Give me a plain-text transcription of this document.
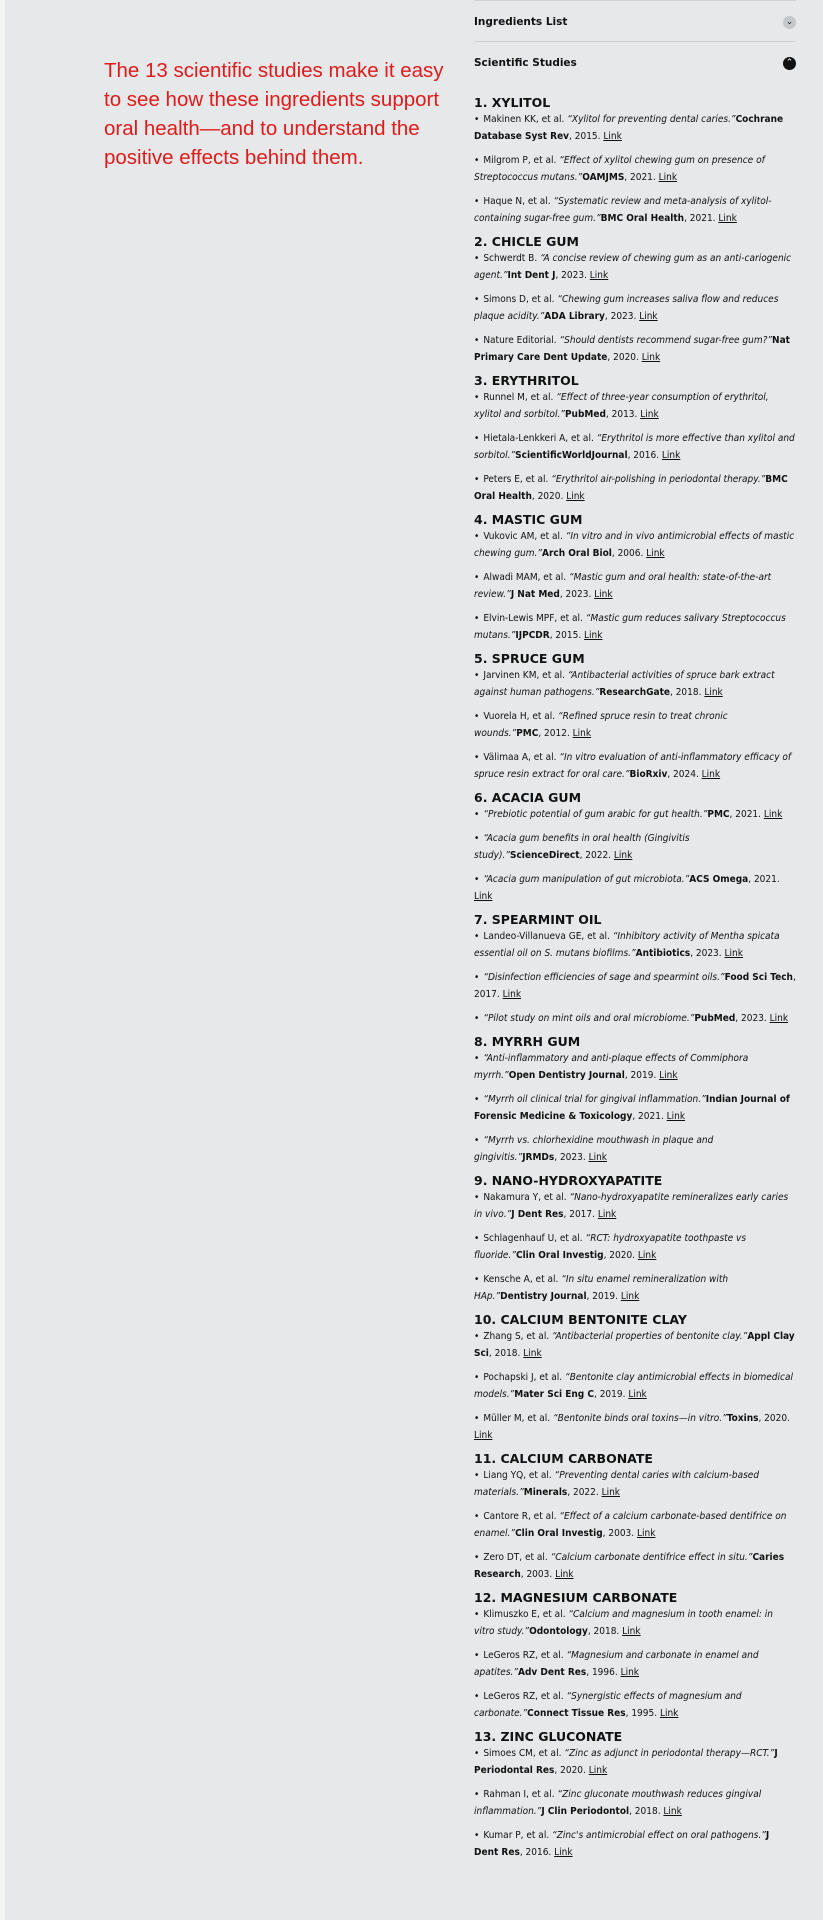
The 13 scientific studies make it easy to see how these ingredients support oral health—and to understand the positive effects behind them.
Ingredients List	⌄
Scientific Studies	⌃
1. XYLITOL
• Makinen KK, et al. “Xylitol for preventing dental caries.”Cochrane Database Syst Rev, 2015. Link
• Milgrom P, et al. “Effect of xylitol chewing gum on presence of Streptococcus mutans.”OAMJMS, 2021. Link
• Haque N, et al. “Systematic review and meta-analysis of xylitol-containing sugar-free gum.”BMC Oral Health, 2021. Link
2. CHICLE GUM
• Schwerdt B. “A concise review of chewing gum as an anti-cariogenic agent.”Int Dent J, 2023. Link
• Simons D, et al. “Chewing gum increases saliva flow and reduces plaque acidity.”ADA Library, 2023. Link
• Nature Editorial. “Should dentists recommend sugar-free gum?”Nat Primary Care Dent Update, 2020. Link
3. ERYTHRITOL
• Runnel M, et al. “Effect of three-year consumption of erythritol, xylitol and sorbitol.”PubMed, 2013. Link
• Hietala-Lenkkeri A, et al. “Erythritol is more effective than xylitol and sorbitol.”ScientificWorldJournal, 2016. Link
• Peters E, et al. “Erythritol air-polishing in periodontal therapy.”BMC Oral Health, 2020. Link
4. MASTIC GUM
• Vukovic AM, et al. “In vitro and in vivo antimicrobial effects of mastic chewing gum.”Arch Oral Biol, 2006. Link
• Alwadi MAM, et al. “Mastic gum and oral health: state-of-the-art review.”J Nat Med, 2023. Link
• Elvin-Lewis MPF, et al. “Mastic gum reduces salivary Streptococcus mutans.”IJPCDR, 2015. Link
5. SPRUCE GUM
• Jarvinen KM, et al. “Antibacterial activities of spruce bark extract against human pathogens.”ResearchGate, 2018. Link
• Vuorela H, et al. “Refined spruce resin to treat chronic wounds.”PMC, 2012. Link
• Välimaa A, et al. “In vitro evaluation of anti-inflammatory efficacy of spruce resin extract for oral care.”BioRxiv, 2024. Link
6. ACACIA GUM
• “Prebiotic potential of gum arabic for gut health.”PMC, 2021. Link
• “Acacia gum benefits in oral health (Gingivitis study).”ScienceDirect, 2022. Link
• “Acacia gum manipulation of gut microbiota.”ACS Omega, 2021. Link
7. SPEARMINT OIL
• Landeo-Villanueva GE, et al. “Inhibitory activity of Mentha spicata essential oil on S. mutans biofilms.”Antibiotics, 2023. Link
• “Disinfection efficiencies of sage and spearmint oils.”Food Sci Tech, 2017. Link
• “Pilot study on mint oils and oral microbiome.”PubMed, 2023. Link
8. MYRRH GUM
• “Anti-inflammatory and anti-plaque effects of Commiphora myrrh.”Open Dentistry Journal, 2019. Link
• “Myrrh oil clinical trial for gingival inflammation.”Indian Journal of Forensic Medicine & Toxicology, 2021. Link
• “Myrrh vs. chlorhexidine mouthwash in plaque and gingivitis.”JRMDs, 2023. Link
9. NANO-HYDROXYAPATITE
• Nakamura Y, et al. “Nano-hydroxyapatite remineralizes early caries in vivo.”J Dent Res, 2017. Link
• Schlagenhauf U, et al. “RCT: hydroxyapatite toothpaste vs fluoride.”Clin Oral Investig, 2020. Link
• Kensche A, et al. “In situ enamel remineralization with HAp.”Dentistry Journal, 2019. Link
10. CALCIUM BENTONITE CLAY
• Zhang S, et al. “Antibacterial properties of bentonite clay.”Appl Clay Sci, 2018. Link
• Pochapski J, et al. “Bentonite clay antimicrobial effects in biomedical models.”Mater Sci Eng C, 2019. Link
• Müller M, et al. “Bentonite binds oral toxins—in vitro.”Toxins, 2020. Link
11. CALCIUM CARBONATE
• Liang YQ, et al. “Preventing dental caries with calcium-based materials.”Minerals, 2022. Link
• Cantore R, et al. “Effect of a calcium carbonate-based dentifrice on enamel.”Clin Oral Investig, 2003. Link
• Zero DT, et al. “Calcium carbonate dentifrice effect in situ.”Caries Research, 2003. Link
12. MAGNESIUM CARBONATE
• Klimuszko E, et al. “Calcium and magnesium in tooth enamel: in vitro study.”Odontology, 2018. Link
• LeGeros RZ, et al. “Magnesium and carbonate in enamel and apatites.”Adv Dent Res, 1996. Link
• LeGeros RZ, et al. “Synergistic effects of magnesium and carbonate.”Connect Tissue Res, 1995. Link
13. ZINC GLUCONATE
• Simoes CM, et al. “Zinc as adjunct in periodontal therapy—RCT.”J Periodontal Res, 2020. Link
• Rahman I, et al. “Zinc gluconate mouthwash reduces gingival inflammation.”J Clin Periodontol, 2018. Link
• Kumar P, et al. “Zinc's antimicrobial effect on oral pathogens.”J Dent Res, 2016. Link
